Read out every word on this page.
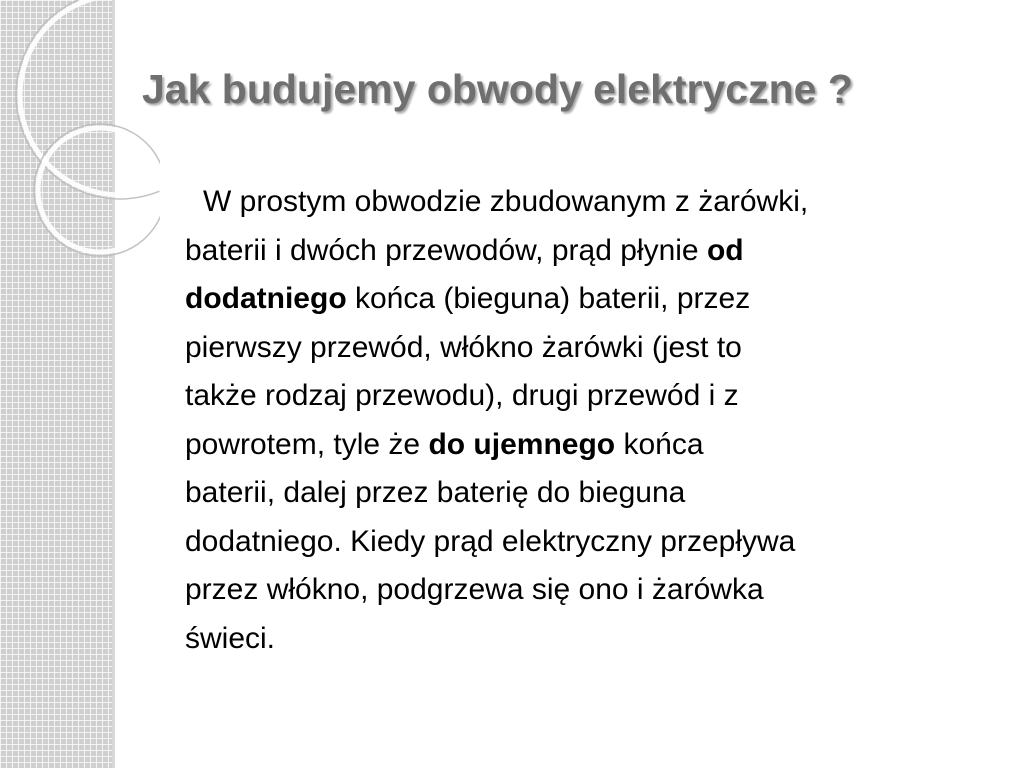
Jak budujemy obwody elektryczne ?
W prostym obwodzie zbudowanym z żarówki,
baterii i dwóch przewodów, prąd płynie od
dodatniego końca (bieguna) baterii, przez
pierwszy przewód, włókno żarówki (jest to
także rodzaj przewodu), drugi przewód i z
powrotem, tyle że do ujemnego końca
baterii, dalej przez baterię do bieguna
dodatniego. Kiedy prąd elektryczny przepływa
przez włókno, podgrzewa się ono i żarówka
świeci.
